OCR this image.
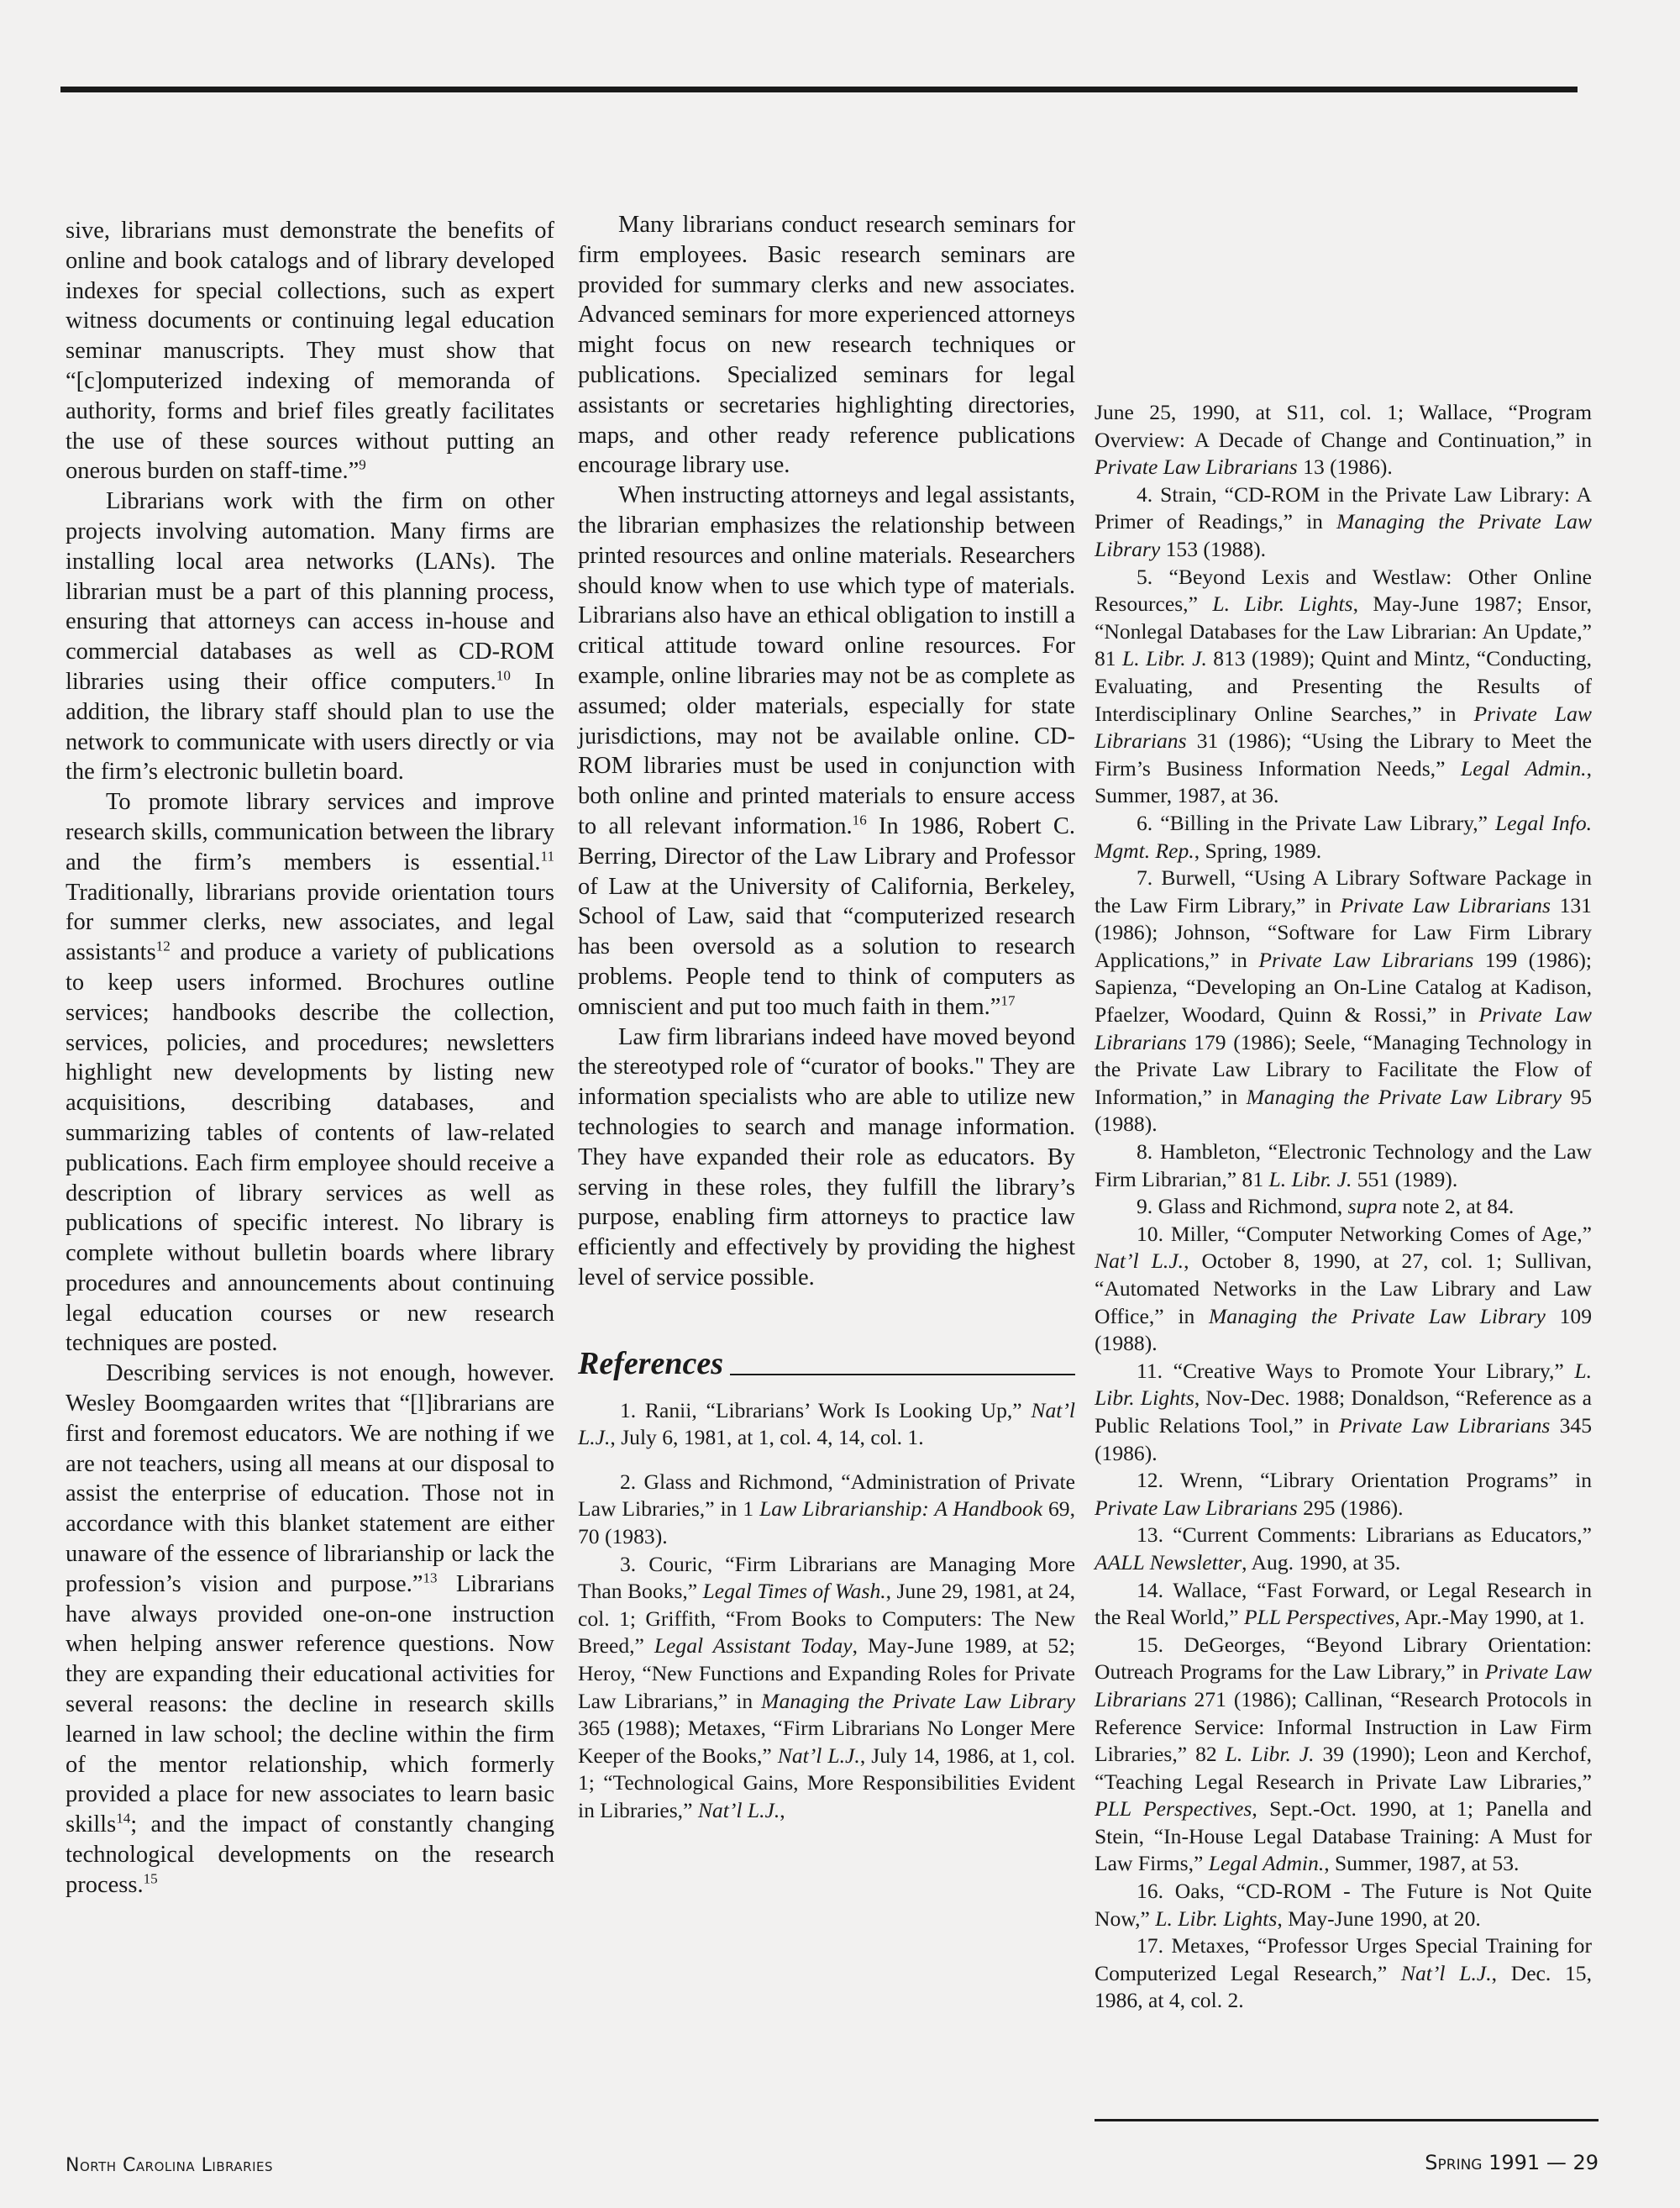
sive, librarians must demonstrate the benefits of online and book catalogs and of library developed indexes for special collections, such as expert witness documents or continuing legal education seminar manuscripts. They must show that “[c]omputerized indexing of memoranda of authority, forms and brief files greatly facilitates the use of these sources without putting an onerous burden on staff-time.”$^9$

Librarians work with the firm on other projects involving automation. Many firms are installing local area networks (LANs). The librarian must be a part of this planning process, ensuring that attorneys can access in-house and commercial databases as well as CD-ROM libraries using their office computers.$^{10}$ In addition, the library staff should plan to use the network to communicate with users directly or via the firm’s electronic bulletin board.

To promote library services and improve research skills, communication between the library and the firm’s members is essential.$^{11}$ Traditionally, librarians provide orientation tours for summer clerks, new associates, and legal assistants$^{12}$ and produce a variety of publications to keep users informed. Brochures outline services; handbooks describe the collection, services, policies, and procedures; newsletters highlight new developments by listing new acquisitions, describing databases, and summarizing tables of contents of law-related publications. Each firm employee should receive a description of library services as well as publications of specific interest. No library is complete without bulletin boards where library procedures and announcements about continuing legal education courses or new research techniques are posted.

Describing services is not enough, however. Wesley Boomgaarden writes that “[l]ibrarians are first and foremost educators. We are nothing if we are not teachers, using all means at our disposal to assist the enterprise of education. Those not in accordance with this blanket statement are either unaware of the essence of librarianship or lack the profession’s vision and purpose.”$^{13}$ Librarians have always provided one-on-one instruction when helping answer reference questions. Now they are expanding their educational activities for several reasons: the decline in research skills learned in law school; the decline within the firm of the mentor relationship, which formerly provided a place for new associates to learn basic skills$^{14}$; and the impact of constantly changing technological developments on the research process.$^{15}$

Many librarians conduct research seminars for firm employees. Basic research seminars are provided for summary clerks and new associates. Advanced seminars for more experienced attorneys might focus on new research techniques or publications. Specialized seminars for legal assistants or secretaries highlighting directories, maps, and other ready reference publications encourage library use.

When instructing attorneys and legal assistants, the librarian emphasizes the relationship between printed resources and online materials. Researchers should know when to use which type of materials. Librarians also have an ethical obligation to instill a critical attitude toward online resources. For example, online libraries may not be as complete as assumed; older materials, especially for state jurisdictions, may not be available online. CD-ROM libraries must be used in conjunction with both online and printed materials to ensure access to all relevant information.$^{16}$ In 1986, Robert C. Berring, Director of the Law Library and Professor of Law at the University of California, Berkeley, School of Law, said that “computerized research has been oversold as a solution to research problems. People tend to think of computers as omniscient and put too much faith in them.”$^{17}$

Law firm librarians indeed have moved beyond the stereotyped role of “curator of books." They are information specialists who are able to utilize new technologies to search and manage information. They have expanded their role as educators. By serving in these roles, they fulfill the library’s purpose, enabling firm attorneys to practice law efficiently and effectively by providing the highest level of service possible.

References

1. Ranii, “Librarians’ Work Is Looking Up,” Nat’l L.J., July 6, 1981, at 1, col. 4, 14, col. 1.

2. Glass and Richmond, “Administration of Private Law Libraries,” in 1 Law Librarianship: A Handbook 69, 70 (1983).

3. Couric, “Firm Librarians are Managing More Than Books,” Legal Times of Wash., June 29, 1981, at 24, col. 1; Griffith, “From Books to Computers: The New Breed,” Legal Assistant Today, May-June 1989, at 52; Heroy, “New Functions and Expanding Roles for Private Law Librarians,” in Managing the Private Law Library 365 (1988); Metaxes, “Firm Librarians No Longer Mere Keeper of the Books,” Nat’l L.J., July 14, 1986, at 1, col. 1; “Technological Gains, More Responsibilities Evident in Libraries,” Nat’l L.J.,

June 25, 1990, at S11, col. 1; Wallace, “Program Overview: A Decade of Change and Continuation,” in Private Law Librarians 13 (1986).

4. Strain, “CD-ROM in the Private Law Library: A Primer of Readings,” in Managing the Private Law Library 153 (1988).

5. “Beyond Lexis and Westlaw: Other Online Resources,” L. Libr. Lights, May-June 1987; Ensor, “Nonlegal Databases for the Law Librarian: An Update,” 81 L. Libr. J. 813 (1989); Quint and Mintz, “Conducting, Evaluating, and Presenting the Results of Interdisciplinary Online Searches,” in Private Law Librarians 31 (1986); “Using the Library to Meet the Firm’s Business Information Needs,” Legal Admin., Summer, 1987, at 36.

6. “Billing in the Private Law Library,” Legal Info. Mgmt. Rep., Spring, 1989.

7. Burwell, “Using A Library Software Package in the Law Firm Library,” in Private Law Librarians 131 (1986); Johnson, “Software for Law Firm Library Applications,” in Private Law Librarians 199 (1986); Sapienza, “Developing an On-Line Catalog at Kadison, Pfaelzer, Woodard, Quinn & Rossi,” in Private Law Librarians 179 (1986); Seele, “Managing Technology in the Private Law Library to Facilitate the Flow of Information,” in Managing the Private Law Library 95 (1988).

8. Hambleton, “Electronic Technology and the Law Firm Librarian,” 81 L. Libr. J. 551 (1989).

9. Glass and Richmond, supra note 2, at 84.

10. Miller, “Computer Networking Comes of Age,” Nat’l L.J., October 8, 1990, at 27, col. 1; Sullivan, “Automated Networks in the Law Library and Law Office,” in Managing the Private Law Library 109 (1988).

11. “Creative Ways to Promote Your Library,” L. Libr. Lights, Nov-Dec. 1988; Donaldson, “Reference as a Public Relations Tool,” in Private Law Librarians 345 (1986).

12. Wrenn, “Library Orientation Programs” in Private Law Librarians 295 (1986).

13. “Current Comments: Librarians as Educators,” AALL Newsletter, Aug. 1990, at 35.

14. Wallace, “Fast Forward, or Legal Research in the Real World,” PLL Perspectives, Apr.-May 1990, at 1.

15. DeGeorges, “Beyond Library Orientation: Outreach Programs for the Law Library,” in Private Law Librarians 271 (1986); Callinan, “Research Protocols in Reference Service: Informal Instruction in Law Firm Libraries,” 82 L. Libr. J. 39 (1990); Leon and Kerchof, “Teaching Legal Research in Private Law Libraries,” PLL Perspectives, Sept.-Oct. 1990, at 1; Panella and Stein, “In-House Legal Database Training: A Must for Law Firms,” Legal Admin., Summer, 1987, at 53.

16. Oaks, “CD-ROM - The Future is Not Quite Now,” L. Libr. Lights, May-June 1990, at 20.

17. Metaxes, “Professor Urges Special Training for Computerized Legal Research,” Nat’l L.J., Dec. 15, 1986, at 4, col. 2.

North Carolina Libraries	Spring 1991 — 29
